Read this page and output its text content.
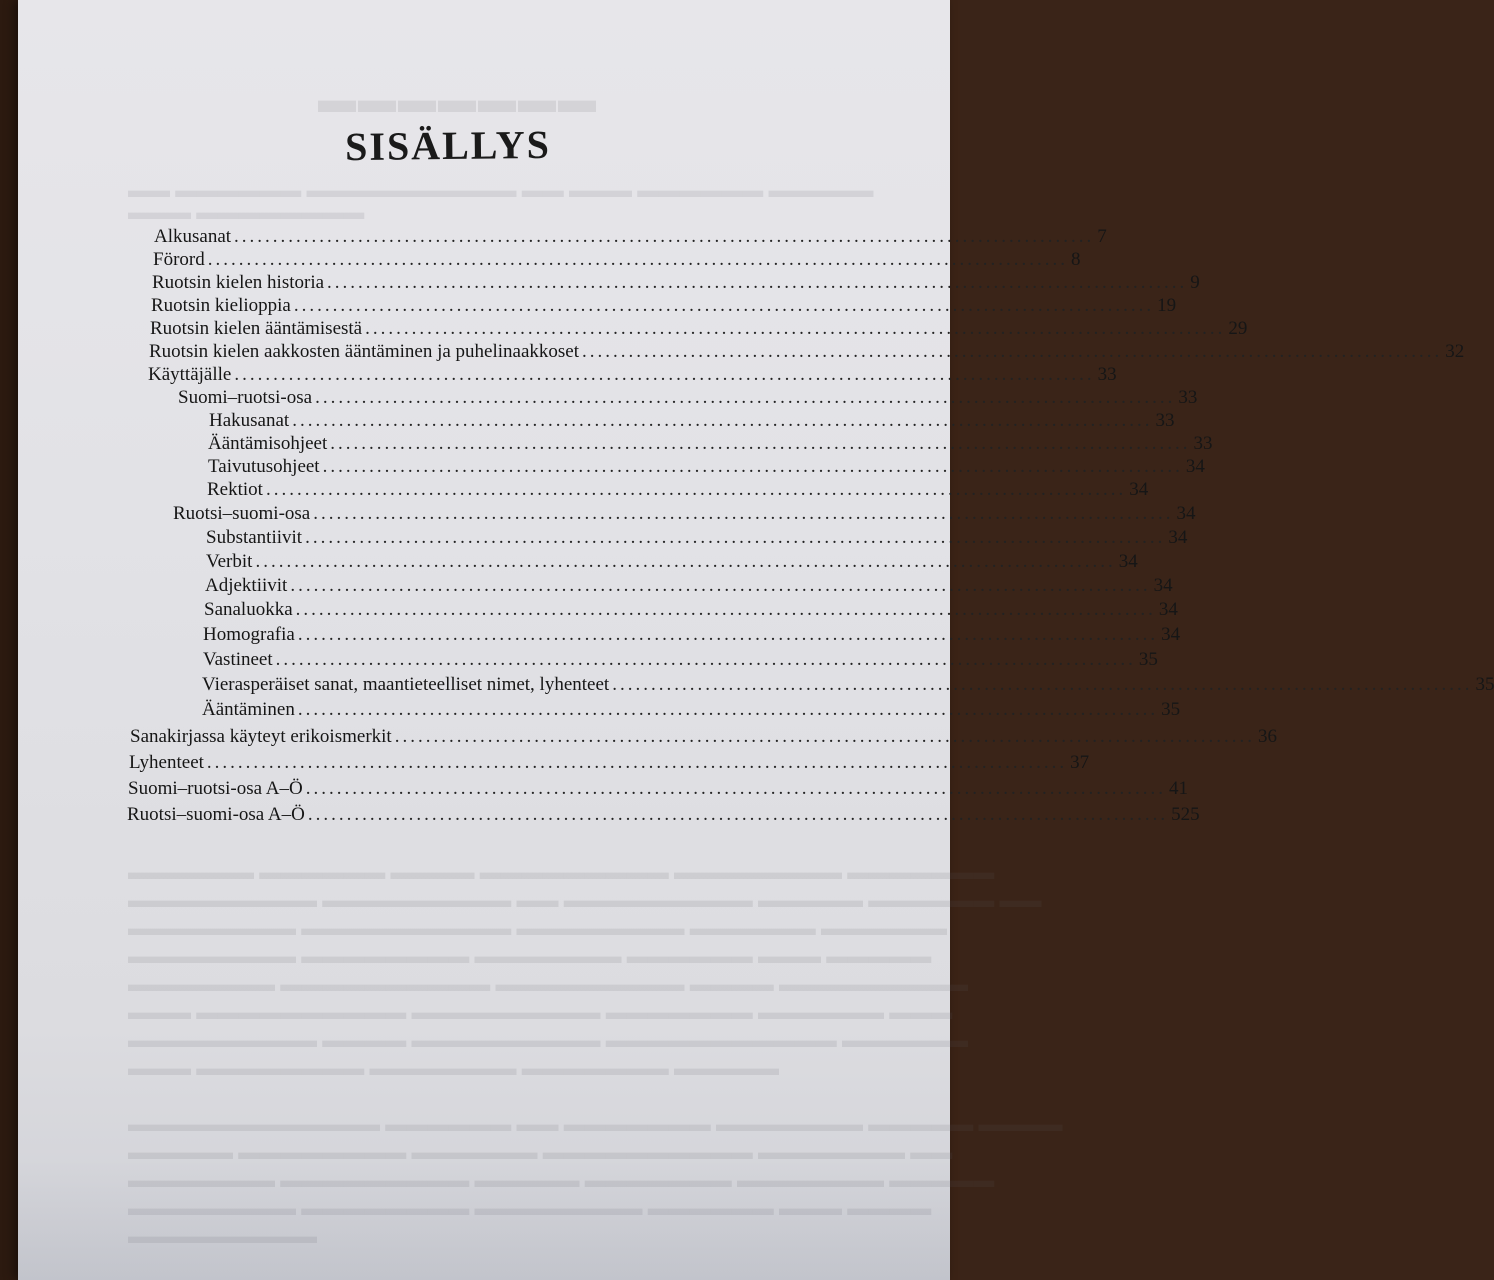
▬▬▬▬▬▬▬
▬▬ ▬▬▬▬▬▬ ▬▬▬▬▬▬▬▬▬▬ ▬▬ ▬▬▬ ▬▬▬▬▬▬ ▬▬▬▬▬
▬▬▬ ▬▬▬▬▬▬▬▬
▬▬▬▬▬▬ ▬▬▬▬▬▬ ▬▬▬▬ ▬▬▬▬▬▬▬▬▬ ▬▬▬▬▬▬▬▬ ▬▬▬▬▬▬▬
▬▬▬▬▬▬▬▬▬ ▬▬▬▬▬▬▬▬▬ ▬▬ ▬▬▬▬▬▬▬▬▬ ▬▬▬▬▬ ▬▬▬▬▬▬ ▬▬
▬▬▬▬▬▬▬▬ ▬▬▬▬▬▬▬▬▬▬ ▬▬▬▬▬▬▬▬ ▬▬▬▬▬▬ ▬▬▬▬▬▬
▬▬▬▬▬▬▬▬ ▬▬▬▬▬▬▬▬ ▬▬▬▬▬▬▬ ▬▬▬▬▬▬ ▬▬▬ ▬▬▬▬▬
▬▬▬▬▬▬▬ ▬▬▬▬▬▬▬▬▬▬ ▬▬▬▬▬▬▬▬▬ ▬▬▬▬ ▬▬▬▬▬▬▬▬▬
▬▬▬ ▬▬▬▬▬▬▬▬▬▬ ▬▬▬▬▬▬▬▬▬ ▬▬▬▬▬▬▬ ▬▬▬▬▬▬ ▬▬▬
▬▬▬▬▬▬▬▬▬ ▬▬▬▬ ▬▬▬▬▬▬▬▬▬ ▬▬▬▬▬▬▬▬▬▬▬ ▬▬▬▬▬▬
▬▬▬ ▬▬▬▬▬▬▬▬ ▬▬▬▬▬▬▬ ▬▬▬▬▬▬▬ ▬▬▬▬▬
▬▬▬▬▬▬▬▬▬▬▬▬ ▬▬▬▬▬▬ ▬▬ ▬▬▬▬▬▬▬ ▬▬▬▬▬▬▬ ▬▬▬▬▬ ▬▬▬▬
▬▬▬▬▬ ▬▬▬▬▬▬▬▬ ▬▬▬▬▬▬ ▬▬▬▬▬▬▬▬▬▬ ▬▬▬▬▬▬▬ ▬▬
▬▬▬▬▬▬▬ ▬▬▬▬▬▬▬▬▬ ▬▬▬▬▬ ▬▬▬▬▬▬▬ ▬▬▬▬▬▬▬ ▬▬▬▬▬
▬▬▬▬▬▬▬▬ ▬▬▬▬▬▬▬▬ ▬▬▬▬▬▬▬▬ ▬▬▬▬▬▬ ▬▬▬ ▬▬▬▬
▬▬▬▬▬▬▬▬▬
SISÄLLYS
Alkusanat .....	7
Förord .....	8
Ruotsin kielen historia .....	9
Ruotsin kielioppia .....	19
Ruotsin kielen ääntämisestä .....	29
Ruotsin kielen aakkosten ääntäminen ja puhelinaakkoset .....	32
Käyttäjälle .....	33
Suomi–ruotsi-osa .....	33
Hakusanat .....	33
Ääntämisohjeet .....	33
Taivutusohjeet .....	34
Rektiot .....	34
Ruotsi–suomi-osa .....	34
Substantiivit .....	34
Verbit .....	34
Adjektiivit .....	34
Sanaluokka .....	34
Homografia .....	34
Vastineet .....	35
Vierasperäiset sanat, maantieteelliset nimet, lyhenteet .....	35
Ääntäminen .....	35
Sanakirjassa käyteyt erikoismerkit .....	36
Lyhenteet .....	37
Suomi–ruotsi-osa A–Ö .....	41
Ruotsi–suomi-osa A–Ö .....	525
